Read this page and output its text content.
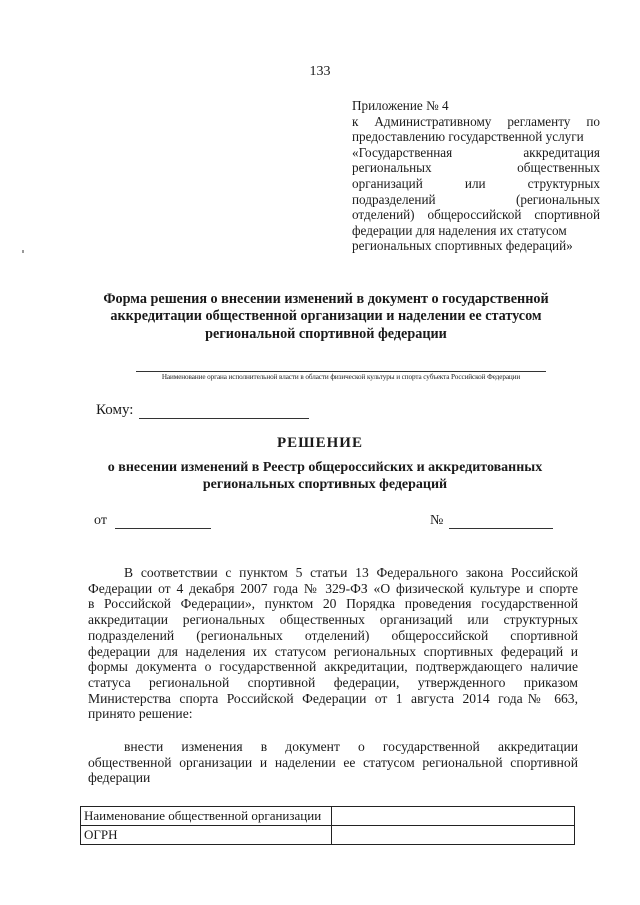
133
Приложение № 4
к Административному регламенту по
предоставлению государственной услуги
«Государственная аккредитация
региональных общественных
организаций или структурных
подразделений (региональных
отделений) общероссийской спортивной
федерации для наделения их статусом
региональных спортивных федераций»
Форма решения о внесении изменений в документ о государственной
аккредитации общественной организации и наделении ее статусом
региональной спортивной федерации
Наименование органа исполнительной власти в области физической культуры и спорта субъекта Российской Федерации
Кому:
РЕШЕНИЕ
о внесении изменений в Реестр общероссийских и аккредитованных
региональных спортивных федераций
от	№
В соответствии с пунктом 5 статьи 13 Федерального закона Российской
Федерации от 4 декабря 2007 года № 329-ФЗ «О физической культуре и спорте
в Российской Федерации», пунктом 20 Порядка проведения государственной
аккредитации региональных общественных организаций или структурных
подразделений (региональных отделений) общероссийской спортивной
федерации для наделения их статусом региональных спортивных федераций и
формы документа о государственной аккредитации, подтверждающего наличие
статуса региональной спортивной федерации, утвержденного приказом
Министерства спорта Российской Федерации от 1 августа 2014 года№ 663,
принято решение:
внести изменения в документ о государственной аккредитации
общественной организации и наделении ее статусом региональной спортивной
федерации
Наименование общественной организации	
ОГРН	
